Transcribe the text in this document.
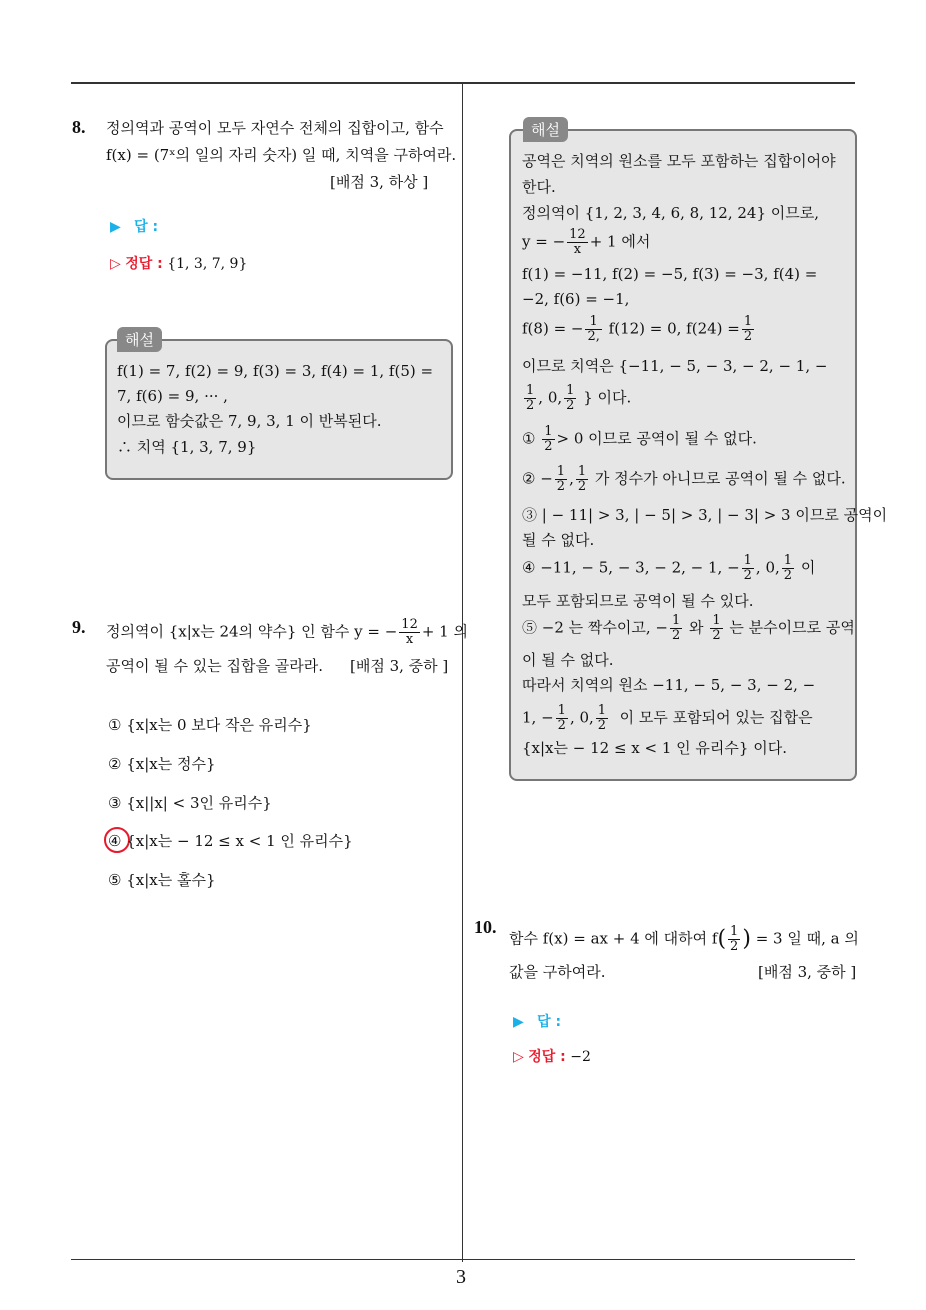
8. 정의역과 공역이 모두 자연수 전체의 집합이고, 함수
f(x) = (7ˣ의 일의 자리 숫자) 일 때, 치역을 구하여라.
[배점 3, 하상 ]
▶ 답 :
▷ 정답 : {1, 3, 7, 9}
해설
f(1) = 7, f(2) = 9, f(3) = 3, f(4) = 1, f(5) =
7, f(6) = 9, ··· ,
이므로 함숫값은 7, 9, 3, 1 이 반복된다.
∴ 치역 {1, 3, 7, 9}
9. 정의역이 {x|x는 24의 약수} 인 함수 y = − $\frac{12}{x} + 1$ 의
공역이 될 수 있는 집합을 골라라. [배점 3, 중하 ]
① {x|x는 0 보다 작은 유리수}
② {x|x는 정수}
③ {x||x| < 3인 유리수}
④ {x|x는 − 12 ≤ x < 1 인 유리수}
⑤ {x|x는 홀수}
해설
공역은 치역의 원소를 모두 포함하는 집합이어야
한다.
정의역이 {1, 2, 3, 4, 6, 8, 12, 24} 이므로,
y = − $\frac{12}{x} + 1$ 에서
f(1) = −11, f(2) = −5, f(3) = −3, f(4) =
−2, f(6) = −1,
f(8) = − $\frac{1}{2,} f(12) = 0$, $f(24) = \frac{1}{2}$
이므로 치역은 {−11, − 5, − 3, − 2, − 1, −
$\frac{1}{2}$ , 0, $\frac{1}{2}$ } 이다.
① $\frac{1}{2} > 0$ 이므로 공역이 될 수 없다.
② − $\frac{1}{2}$ , $\frac{1}{2}$ 가 정수가 아니므로 공역이 될 수 없다.
③ | − 11| > 3, | − 5| > 3, | − 3| > 3 이므로 공역이
될 수 없다.
④ −11, − 5, − 3, − 2, − 1, − $\frac{1}{2}$ , 0, $\frac{1}{2}$ 이
모두 포함되므로 공역이 될 수 있다.
⑤ −2 는 짝수이고, − $\frac{1}{2}$ 와 $\frac{1}{2}$ 는 분수이므로 공역
이 될 수 없다.
따라서 치역의 원소 −11, − 5, − 3, − 2, −
1, − $\frac{1}{2}$ , 0, $\frac{1}{2}$ 이 모두 포함되어 있는 집합은
{x|x는 − 12 ≤ x < 1 인 유리수} 이다.
10.
함수 f(x) = ax + 4 에 대하여 $f( \frac{1}{2}$ ) = 3 일 때, a 의
값을 구하여라.	[배점 3, 중하 ]
▶ 답 :
▷ 정답 : −2
3
